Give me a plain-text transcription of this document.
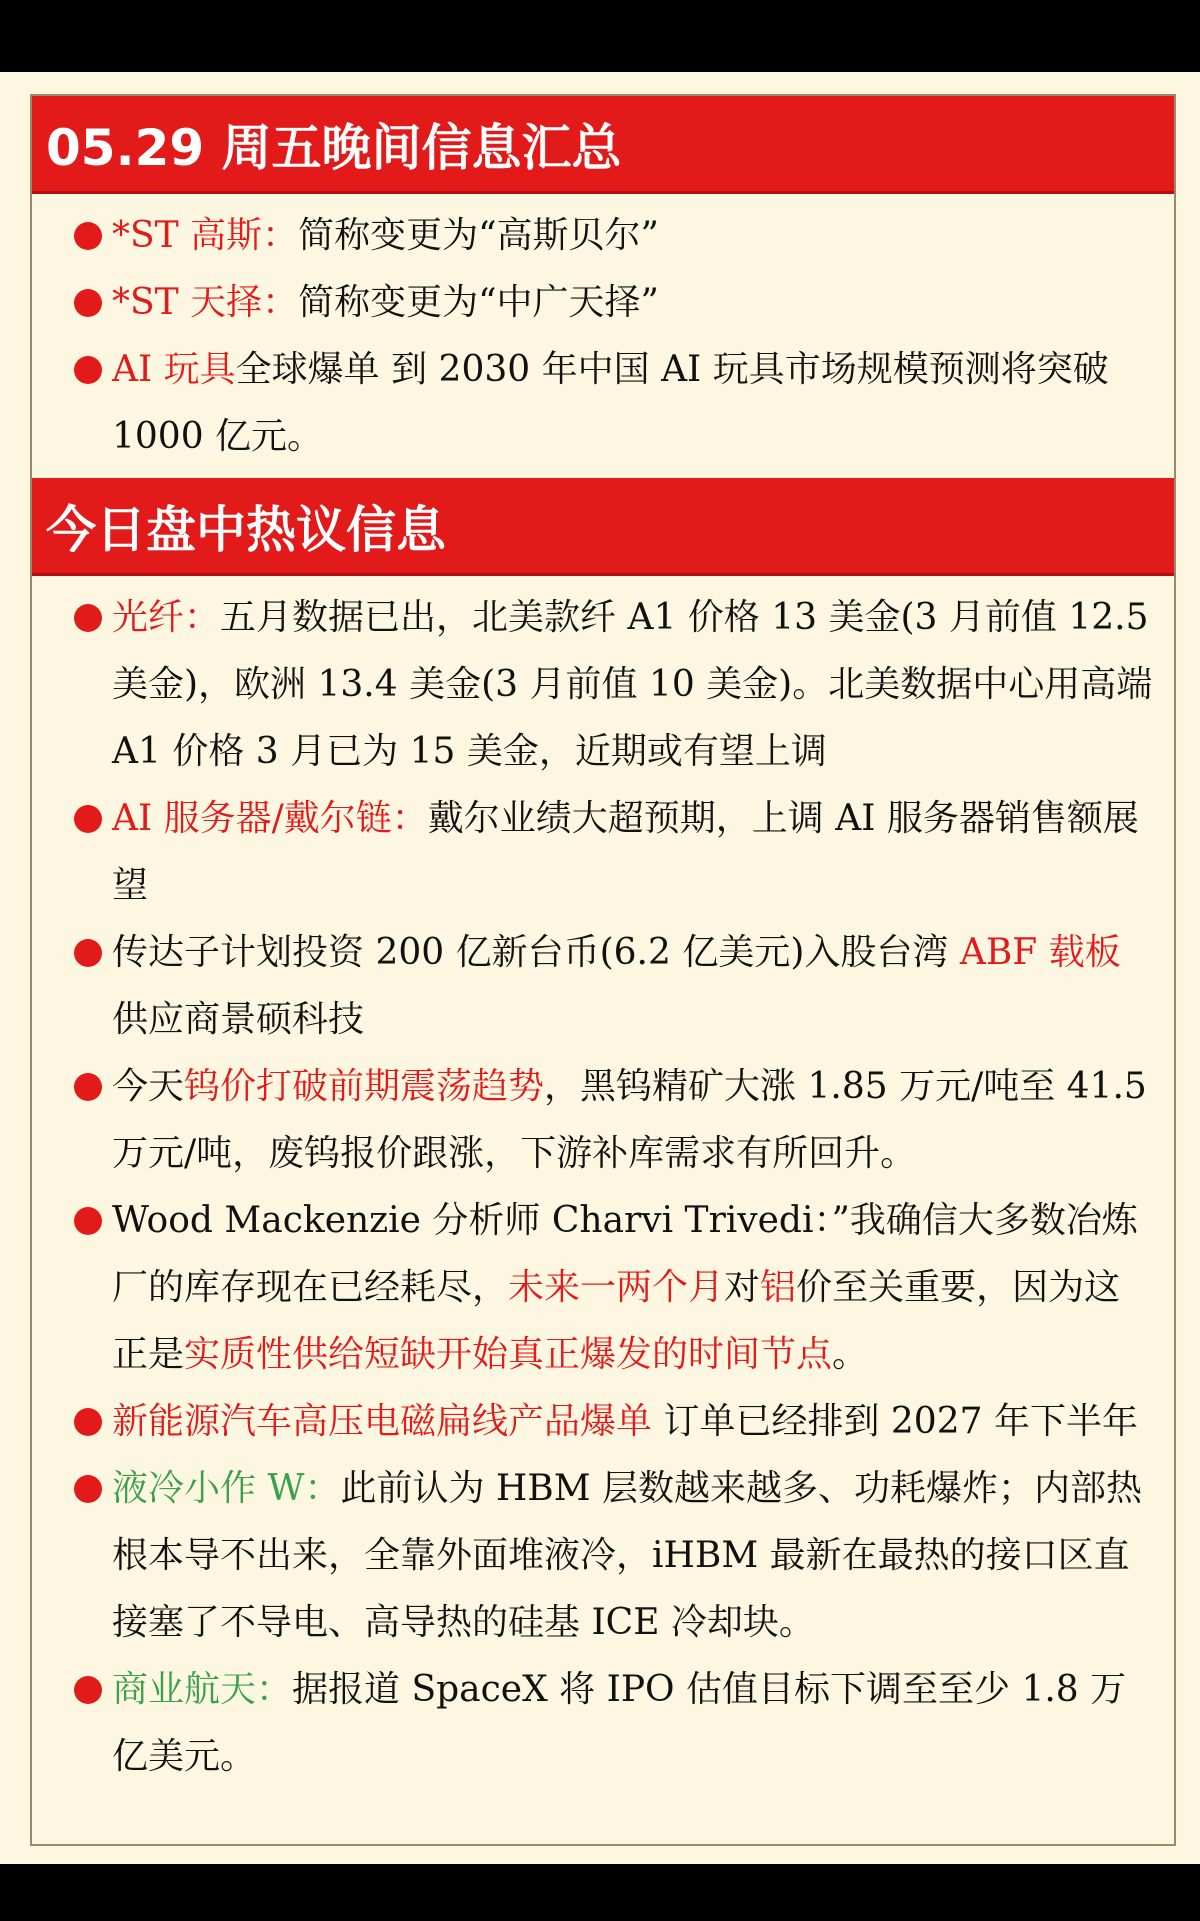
05.29 周五晚间信息汇总
*ST 高斯：简称变更为“高斯贝尔”
*ST 天择：简称变更为“中广天择”
AI 玩具全球爆单 到 2030 年中国 AI 玩具市场规模预测将突破 1000 亿元。
今日盘中热议信息
光纤：五月数据已出，北美款纤 A1 价格 13 美金(3 月前值 12.5 美金)，欧洲 13.4 美金(3 月前值 10 美金)。北美数据中心用高端 A1 价格 3 月已为 15 美金，近期或有望上调
AI 服务器/戴尔链：戴尔业绩大超预期，上调 AI 服务器销售额展望
传达子计划投资 200 亿新台币(6.2 亿美元)入股台湾 ABF 载板供应商景硕科技
今天钨价打破前期震荡趋势，黑钨精矿大涨 1.85 万元/吨至 41.5 万元/吨，废钨报价跟涨，下游补库需求有所回升。
Wood Mackenzie 分析师 Charvi Trivedi：”我确信大多数冶炼厂的库存现在已经耗尽，未来一两个月对铝价至关重要，因为这正是实质性供给短缺开始真正爆发的时间节点。
新能源汽车高压电磁扁线产品爆单 订单已经排到 2027 年下半年
液冷小作 W：此前认为 HBM 层数越来越多、功耗爆炸；内部热根本导不出来，全靠外面堆液冷，iHBM 最新在最热的接口区直接塞了不导电、高导热的硅基 ICE 冷却块。
商业航天：据报道 SpaceX 将 IPO 估值目标下调至至少 1.8 万亿美元。
